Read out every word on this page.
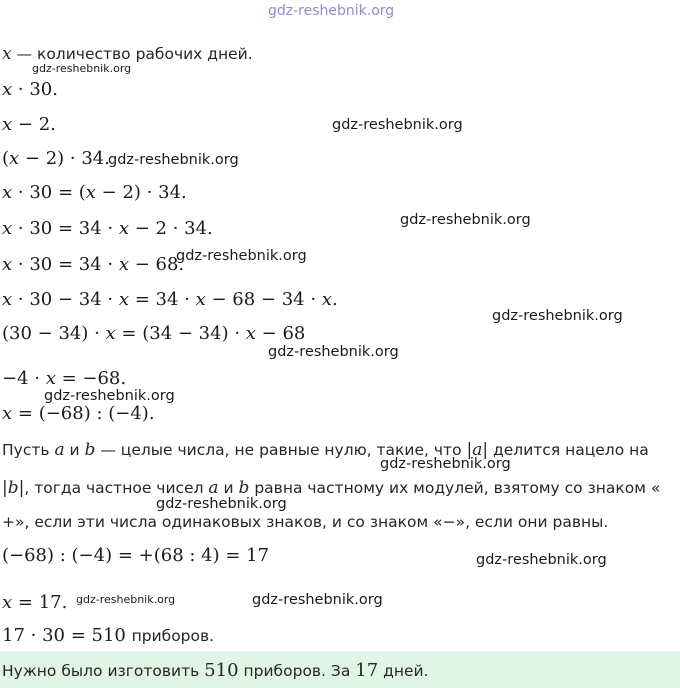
gdz-reshebnik.org
x — количество рабочих дней.
x · 30.
x − 2.
(x − 2) · 34.
x · 30 = (x − 2) · 34.
x · 30 = 34 · x − 2 · 34.
x · 30 = 34 · x − 68.
x · 30 − 34 · x = 34 · x − 68 − 34 · x.
(30 − 34) · x = (34 − 34) · x − 68
−4 · x = −68.
x = (−68) : (−4).
Пусть a и b — целые числа, не равные нулю, такие, что |a| делится нацело на
|b|, тогда частное чисел a и b равна частному их модулей, взятому со знаком «
+», если эти числа одинаковых знаков, и со знаком «−», если они равны.
(−68) : (−4) = +(68 : 4) = 17
x = 17.
17 · 30 = 510 приборов.
Нужно было изготовить 510 приборов. За 17 дней.
gdz-reshebnik.org
gdz-reshebnik.org
gdz-reshebnik.org
gdz-reshebnik.org
gdz-reshebnik.org
gdz-reshebnik.org
gdz-reshebnik.org
gdz-reshebnik.org
gdz-reshebnik.org
gdz-reshebnik.org
gdz-reshebnik.org
gdz-reshebnik.org	gdz-reshebnik.org
